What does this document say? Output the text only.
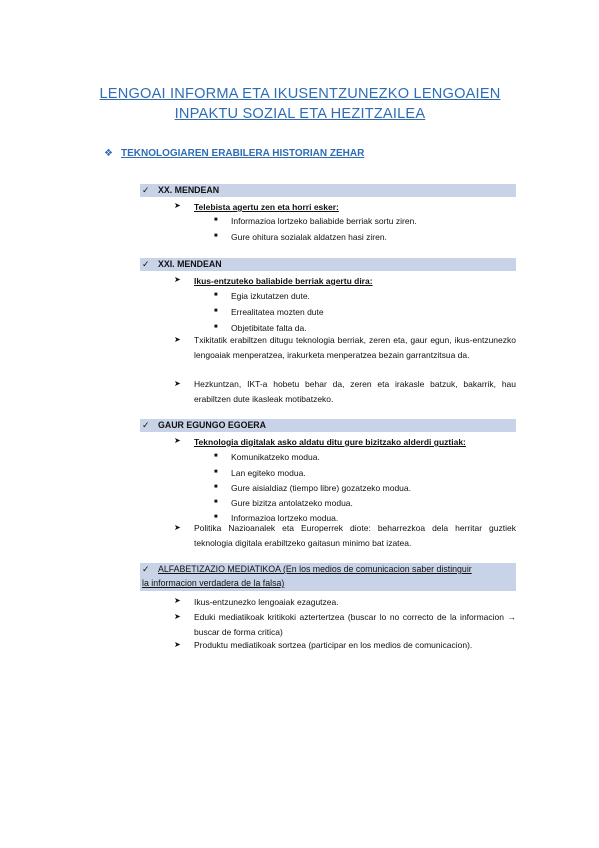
LENGOAI INFORMA ETA IKUSENTZUNEZKO LENGOAIEN
INPAKTU SOZIAL ETA HEZITZAILEA
❖ TEKNOLOGIAREN ERABILERA HISTORIAN ZEHAR
✓ XX. MENDEAN
➤ Telebista agertu zen eta horri esker:
■ Informazioa lortzeko baliabide berriak sortu ziren.
■ Gure ohitura sozialak aldatzen hasi ziren.
✓ XXI. MENDEAN
➤ Ikus-entzuteko baliabide berriak agertu dira:
■ Egia izkutatzen dute.
■ Errealitatea mozten dute
■ Objetibitate falta da.
➤ Txikitatik erabiltzen ditugu teknologia berriak, zeren eta, gaur egun, ikus-entzunezko lengoaiak menperatzea, irakurketa menperatzea bezain garrantzitsua da.
➤ Hezkuntzan, IKT-a hobetu behar da, zeren eta irakasle batzuk, bakarrik, hau erabiltzen dute ikasleak motibatzeko.
✓ GAUR EGUNGO EGOERA
➤ Teknologia digitalak asko aldatu ditu gure bizitzako alderdi guztiak:
■ Komunikatzeko modua.
■ Lan egiteko modua.
■ Gure aisialdiaz (tiempo libre) gozatzeko modua.
■ Gure bizitza antolatzeko modua.
■ Informazioa lortzeko modua.
➤ Politika Nazioanalek eta Europerrek diote: beharrezkoa dela herritar guztiek teknologia digitala erabiltzeko gaitasun minimo bat izatea.
✓ ALFABETIZAZIO MEDIATIKOA (En los medios de comunicacion saber distinguir
la informacion verdadera de la falsa)
➤ Ikus-entzunezko lengoaiak ezagutzea.
➤ Eduki mediatikoak kritikoki aztertertzea (buscar lo no correcto de la informacion → buscar de forma critica)
➤ Produktu mediatikoak sortzea (participar en los medios de comunicacion).
